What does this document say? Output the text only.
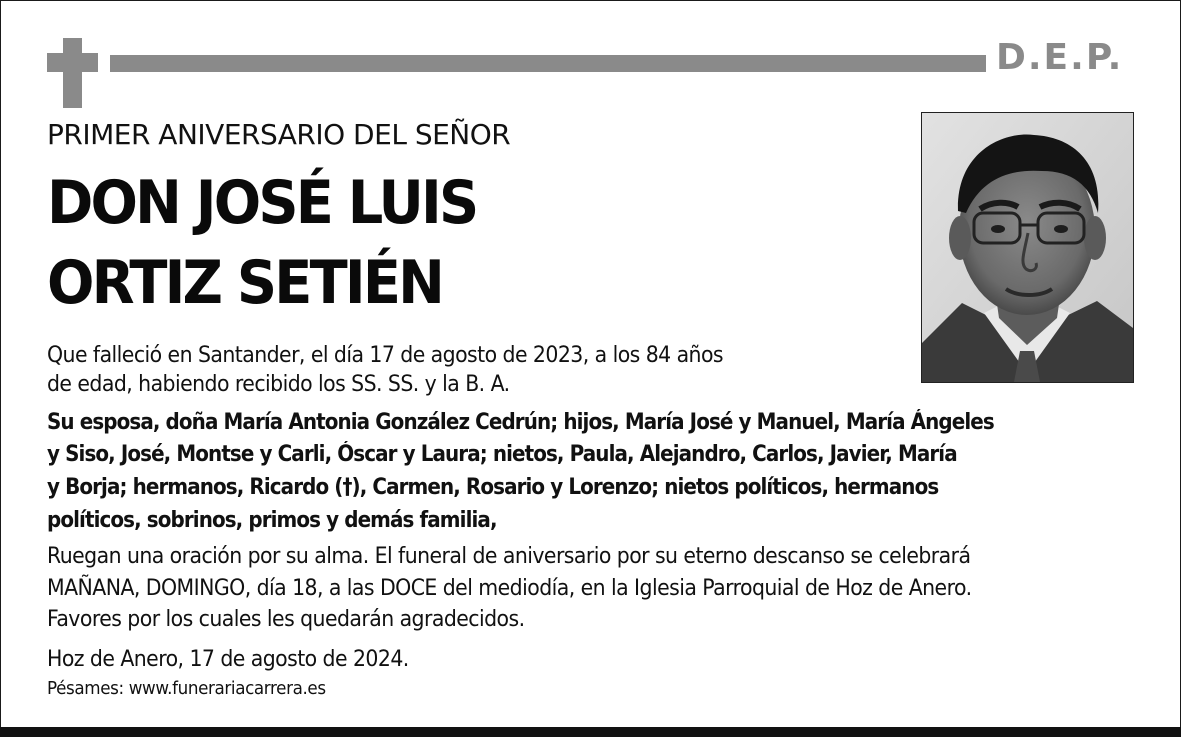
D.E.P.
PRIMER ANIVERSARIO DEL SEÑOR
DON JOSÉ LUIS
ORTIZ SETIÉN
Que falleció en Santander, el día 17 de agosto de 2023, a los 84 años
de edad, habiendo recibido los SS. SS. y la B. A.
Su esposa, doña María Antonia González Cedrún; hijos, María José y Manuel, María Ángeles
y Siso, José, Montse y Carli, Óscar y Laura; nietos, Paula, Alejandro, Carlos, Javier, María
y Borja; hermanos, Ricardo (†), Carmen, Rosario y Lorenzo; nietos políticos, hermanos
políticos, sobrinos, primos y demás familia,
Ruegan una oración por su alma. El funeral de aniversario por su eterno descanso se celebrará
MAÑANA, DOMINGO, día 18, a las DOCE del mediodía, en la Iglesia Parroquial de Hoz de Anero.
Favores por los cuales les quedarán agradecidos.
Hoz de Anero, 17 de agosto de 2024.
Pésames: www.funerariacarrera.es
